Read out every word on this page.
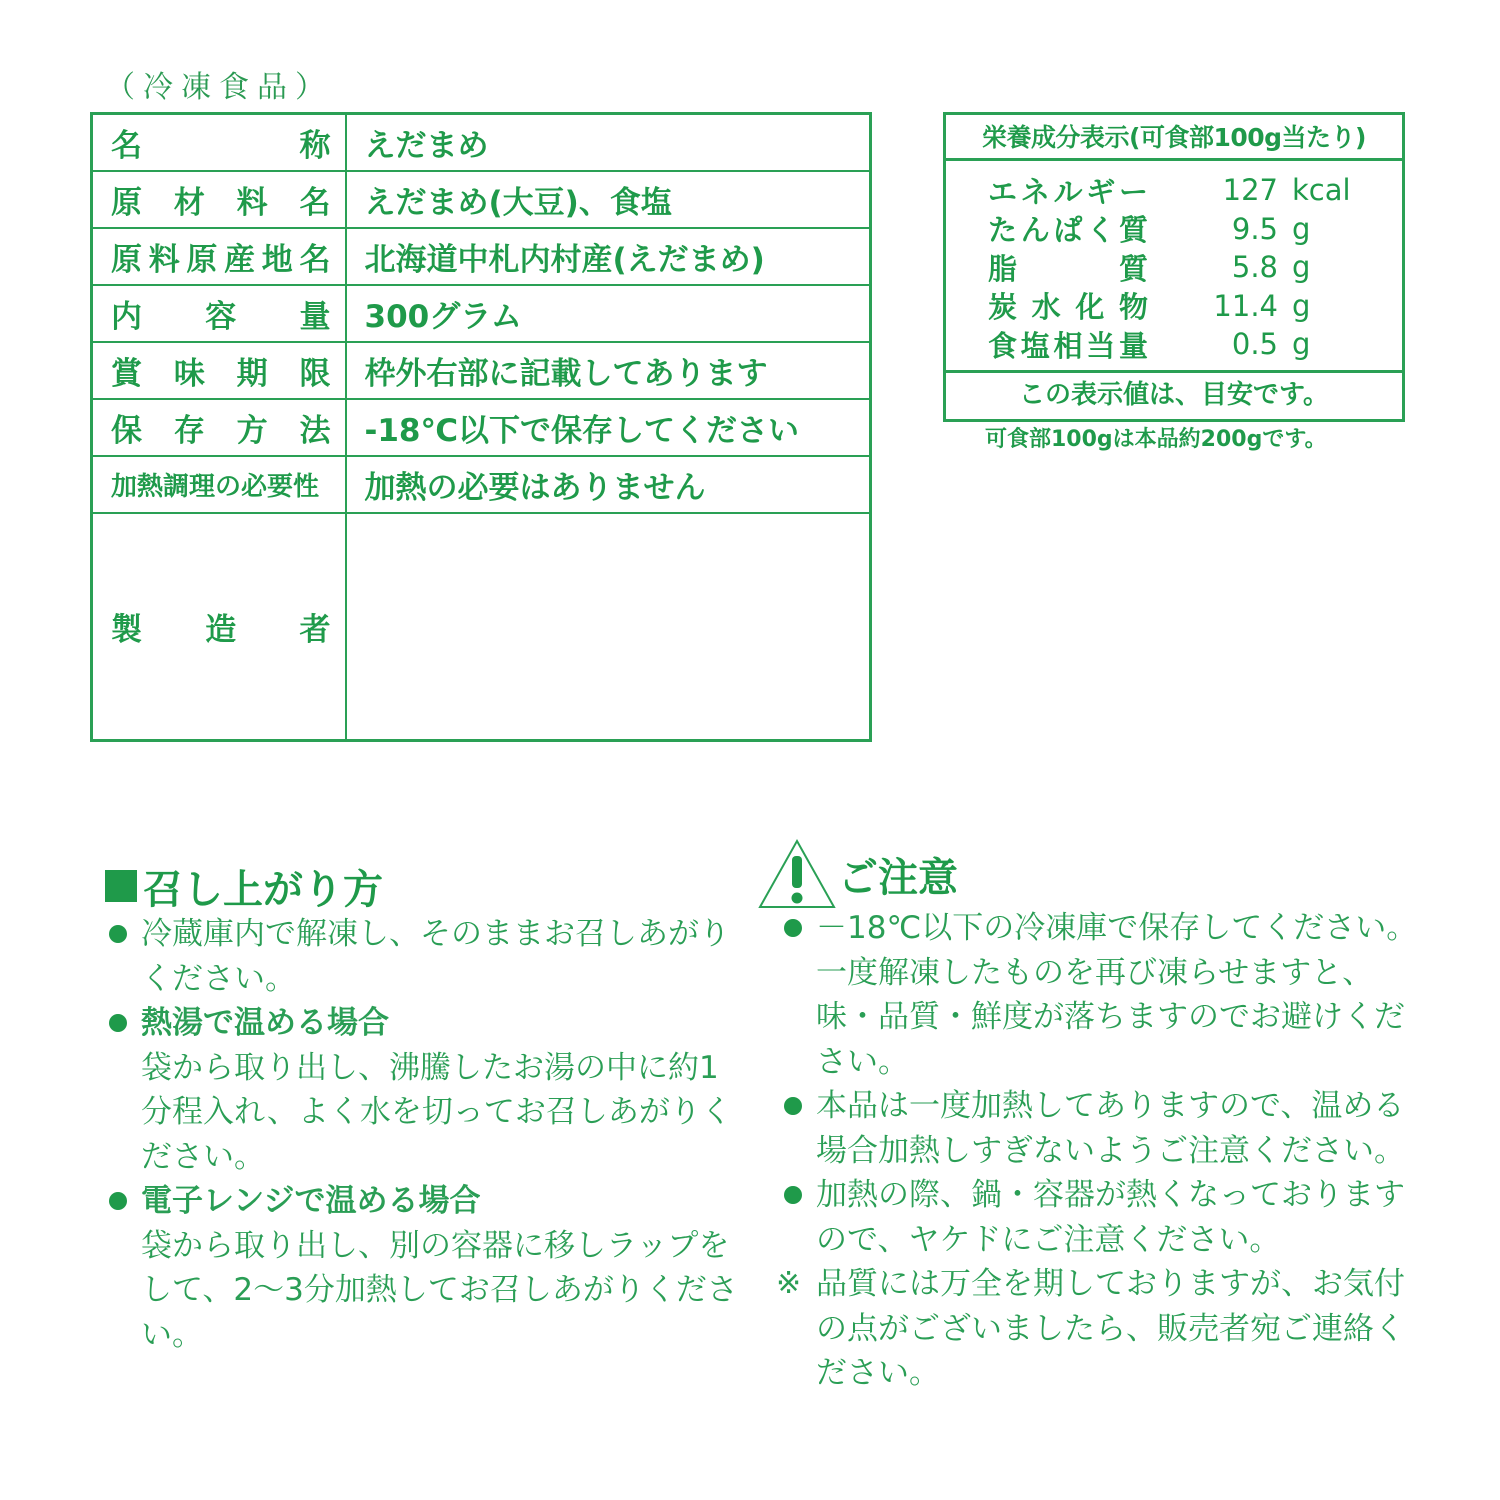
（冷凍食品）
名称	えだまめ
原材料名	えだまめ(大豆)、食塩
原料原産地名	北海道中札内村産(えだまめ)
内容量	300グラム
賞味期限	枠外右部に記載してあります
保存方法	-18℃以下で保存してください
加熱調理の必要性	加熱の必要はありません
製造者	
栄養成分表示(可食部100g当たり)
エネルギー	127 kcal
たんぱく質	9.5 g
脂質	5.8 g
炭水化物	11.4 g
食塩相当量	0.5 g
この表示値は、目安です。
可食部100gは本品約200gです。
召し上がり方
冷蔵庫内で解凍し、そのままお召しあがりください。
熱湯で温める場合
袋から取り出し、沸騰したお湯の中に約1分程入れ、よく水を切ってお召しあがりください。
電子レンジで温める場合
袋から取り出し、別の容器に移しラップをして、2～3分加熱してお召しあがりください。
ご注意
－18℃以下の冷凍庫で保存してください。一度解凍したものを再び凍らせますと、味・品質・鮮度が落ちますのでお避けください。
本品は一度加熱してありますので、温める場合加熱しすぎないようご注意ください。
加熱の際、鍋・容器が熱くなっておりますので、ヤケドにご注意ください。
※ 品質には万全を期しておりますが、お気付の点がございましたら、販売者宛ご連絡ください。
